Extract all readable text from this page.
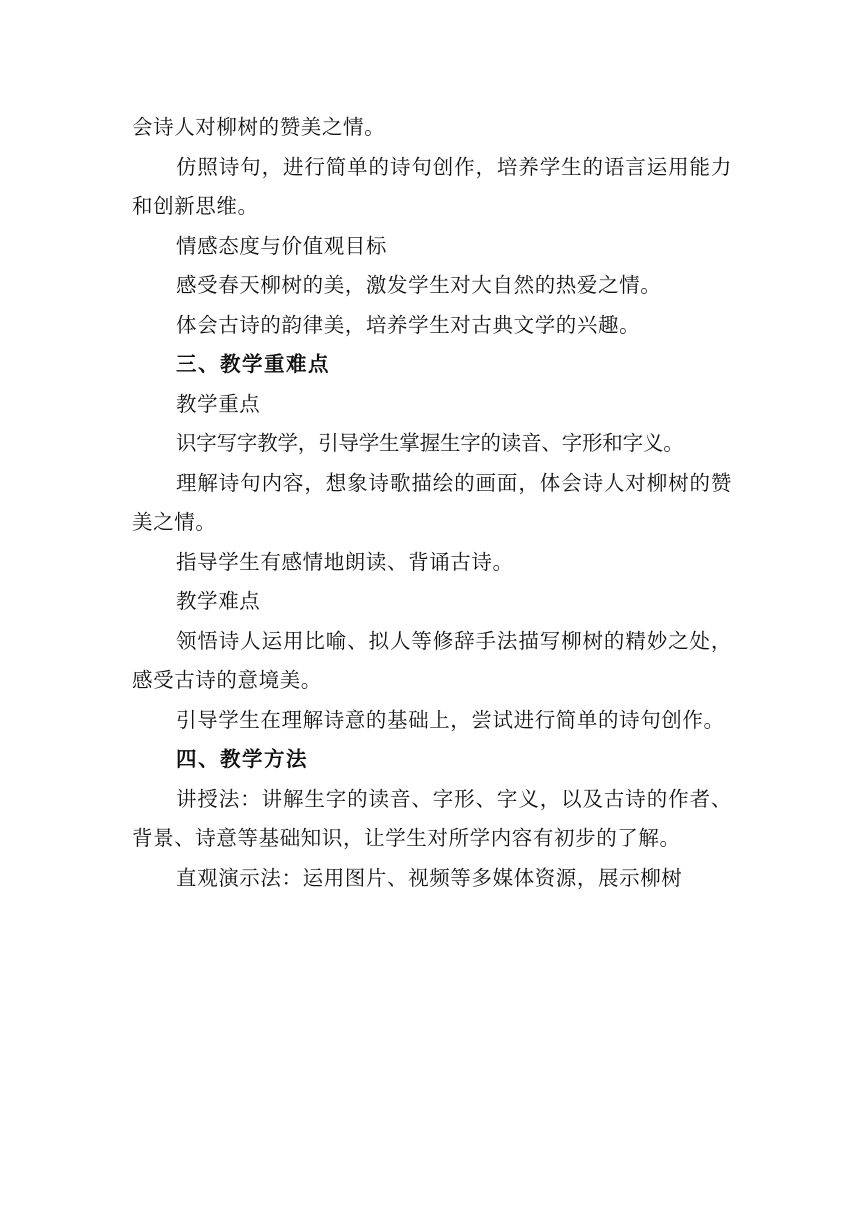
会诗人对柳树的赞美之情。

仿照诗句，进行简单的诗句创作，培养学生的语言运用能力和创新思维。

情感态度与价值观目标

感受春天柳树的美，激发学生对大自然的热爱之情。

体会古诗的韵律美，培养学生对古典文学的兴趣。

三、教学重难点

教学重点

识字写字教学，引导学生掌握生字的读音、字形和字义。

理解诗句内容，想象诗歌描绘的画面，体会诗人对柳树的赞美之情。

指导学生有感情地朗读、背诵古诗。

教学难点

领悟诗人运用比喻、拟人等修辞手法描写柳树的精妙之处，感受古诗的意境美。

引导学生在理解诗意的基础上，尝试进行简单的诗句创作。

四、教学方法

讲授法：讲解生字的读音、字形、字义，以及古诗的作者、背景、诗意等基础知识，让学生对所学内容有初步的了解。

直观演示法：运用图片、视频等多媒体资源，展示柳树
